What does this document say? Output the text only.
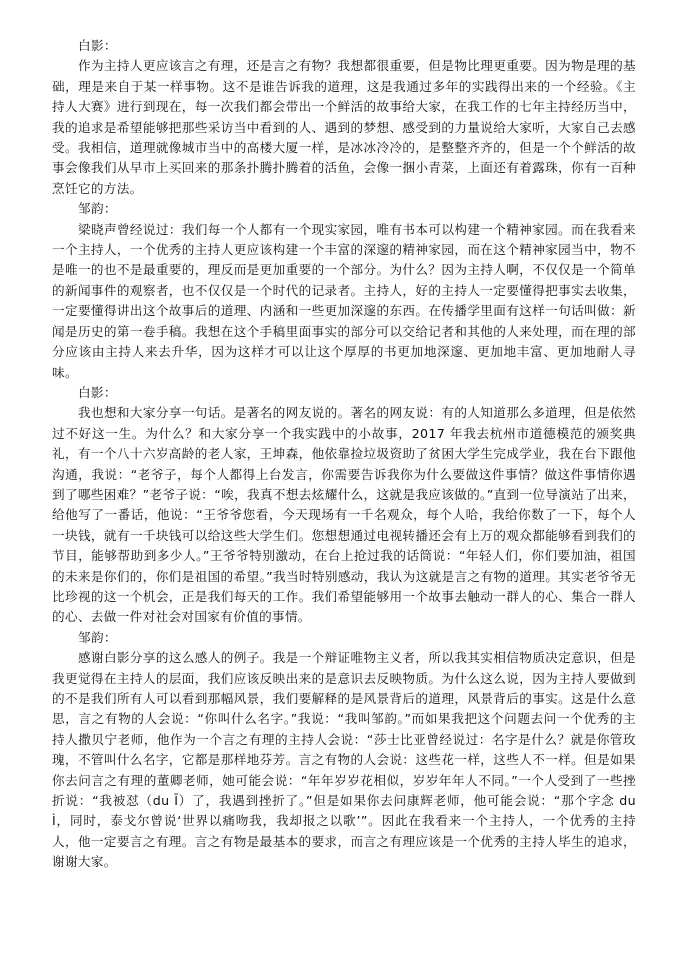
白影：

作为主持人更应该言之有理，还是言之有物？我想都很重要，但是物比理更重要。因为物是理的基础，理是来自于某一样事物。这不是谁告诉我的道理，这是我通过多年的实践得出来的一个经验。《主持人大赛》进行到现在，每一次我们都会带出一个鲜活的故事给大家，在我工作的七年主持经历当中，我的追求是希望能够把那些采访当中看到的人、遇到的梦想、感受到的力量说给大家听，大家自己去感受。我相信，道理就像城市当中的高楼大厦一样，是冰冰冷冷的，是整整齐齐的，但是一个个鲜活的故事会像我们从早市上买回来的那条扑腾扑腾着的活鱼，会像一捆小青菜，上面还有着露珠，你有一百种烹饪它的方法。

邹韵：

梁晓声曾经说过：我们每一个人都有一个现实家园，唯有书本可以构建一个精神家园。而在我看来一个主持人，一个优秀的主持人更应该构建一个丰富的深邃的精神家园，而在这个精神家园当中，物不是唯一的也不是最重要的，理反而是更加重要的一个部分。为什么？因为主持人啊，不仅仅是一个简单的新闻事件的观察者，也不仅仅是一个时代的记录者。主持人，好的主持人一定要懂得把事实去收集，一定要懂得讲出这个故事后的道理、内涵和一些更加深邃的东西。在传播学里面有这样一句话叫做：新闻是历史的第一卷手稿。我想在这个手稿里面事实的部分可以交给记者和其他的人来处理，而在理的部分应该由主持人来去升华，因为这样才可以让这个厚厚的书更加地深邃、更加地丰富、更加地耐人寻味。

白影：

我也想和大家分享一句话。是著名的网友说的。著名的网友说：有的人知道那么多道理，但是依然过不好这一生。为什么？和大家分享一个我实践中的小故事，2017 年我去杭州市道德模范的颁奖典礼，有一个八十六岁高龄的老人家，王坤森，他依靠捡垃圾资助了贫困大学生完成学业，我在台下跟他沟通，我说：“老爷子，每个人都得上台发言，你需要告诉我你为什么要做这件事情？做这件事情你遇到了哪些困难？”老爷子说：“唉，我真不想去炫耀什么，这就是我应该做的。”直到一位导演站了出来，给他写了一番话，他说：“王爷爷您看，今天现场有一千名观众，每个人哈，我给你数了一下，每个人一块钱，就有一千块钱可以给这些大学生们。您想想通过电视转播还会有上万的观众都能够看到我们的节目，能够帮助到多少人。”王爷爷特别激动，在台上抢过我的话筒说：“年轻人们，你们要加油，祖国的未来是你们的，你们是祖国的希望。”我当时特别感动，我认为这就是言之有物的道理。其实老爷爷无比珍视的这一个机会，正是我们每天的工作。我们希望能够用一个故事去触动一群人的心、集合一群人的心、去做一件对社会对国家有价值的事情。

邹韵：

感谢白影分享的这么感人的例子。我是一个辩证唯物主义者，所以我其实相信物质决定意识，但是我更觉得在主持人的层面，我们应该反映出来的是意识去反映物质。为什么这么说，因为主持人要做到的不是我们所有人可以看到那幅风景，我们要解释的是风景背后的道理，风景背后的事实。这是什么意思，言之有物的人会说：“你叫什么名字。”我说：“我叫邹韵。”而如果我把这个问题去问一个优秀的主持人撒贝宁老师，他作为一个言之有理的主持人会说：“莎士比亚曾经说过：名字是什么？就是你管玫瑰，不管叫什么名字，它都是那样地芬芳。言之有物的人会说：这些花一样，这些人不一样。但是如果你去问言之有理的董卿老师，她可能会说：“年年岁岁花相似，岁岁年年人不同。”一个人受到了一些挫折说：“我被怼（du Ī）了，我遇到挫折了。”但是如果你去问康辉老师，他可能会说：“那个字念 du Ì，同时，泰戈尔曾说‘世界以痛吻我，我却报之以歌’”。因此在我看来一个主持人，一个优秀的主持人，他一定要言之有理。言之有物是最基本的要求，而言之有理应该是一个优秀的主持人毕生的追求，谢谢大家。
